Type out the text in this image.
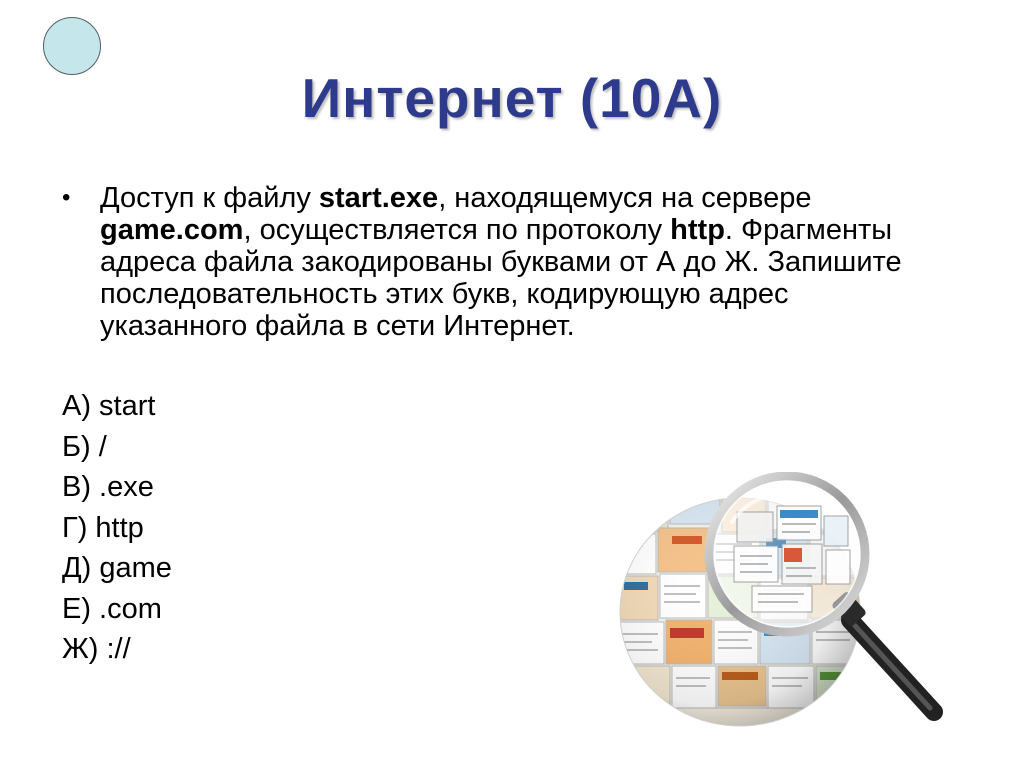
Интернет (10А)
• Доступ к файлу start.exe, находящемуся на сервере game.com, осуществляется по протоколу http. Фрагменты адреса файла закодированы буквами от А до Ж. Запишите последовательность этих букв, кодирующую адрес указанного файла в сети Интернет.
А) start
Б) /
В) .exe
Г) http
Д) game
Е) .com
Ж) ://
